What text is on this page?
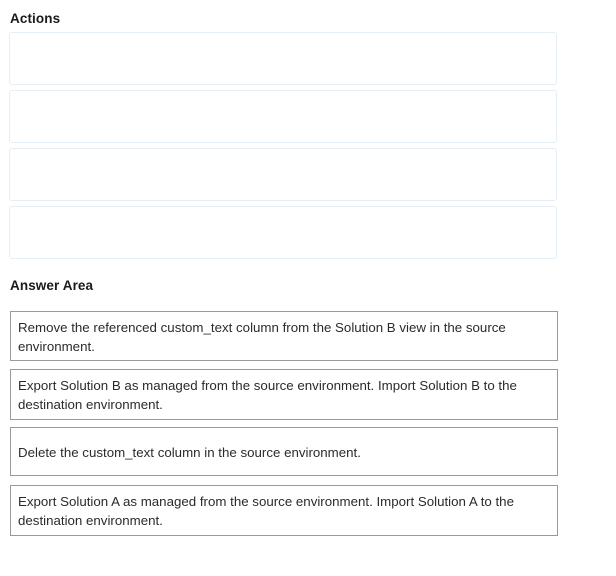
Actions
Answer Area
Remove the referenced custom_text column from the Solution B view in the source environment.
Export Solution B as managed from the source environment. Import Solution B to the destination environment.
Delete the custom_text column in the source environment.
Export Solution A as managed from the source environment. Import Solution A to the destination environment.
